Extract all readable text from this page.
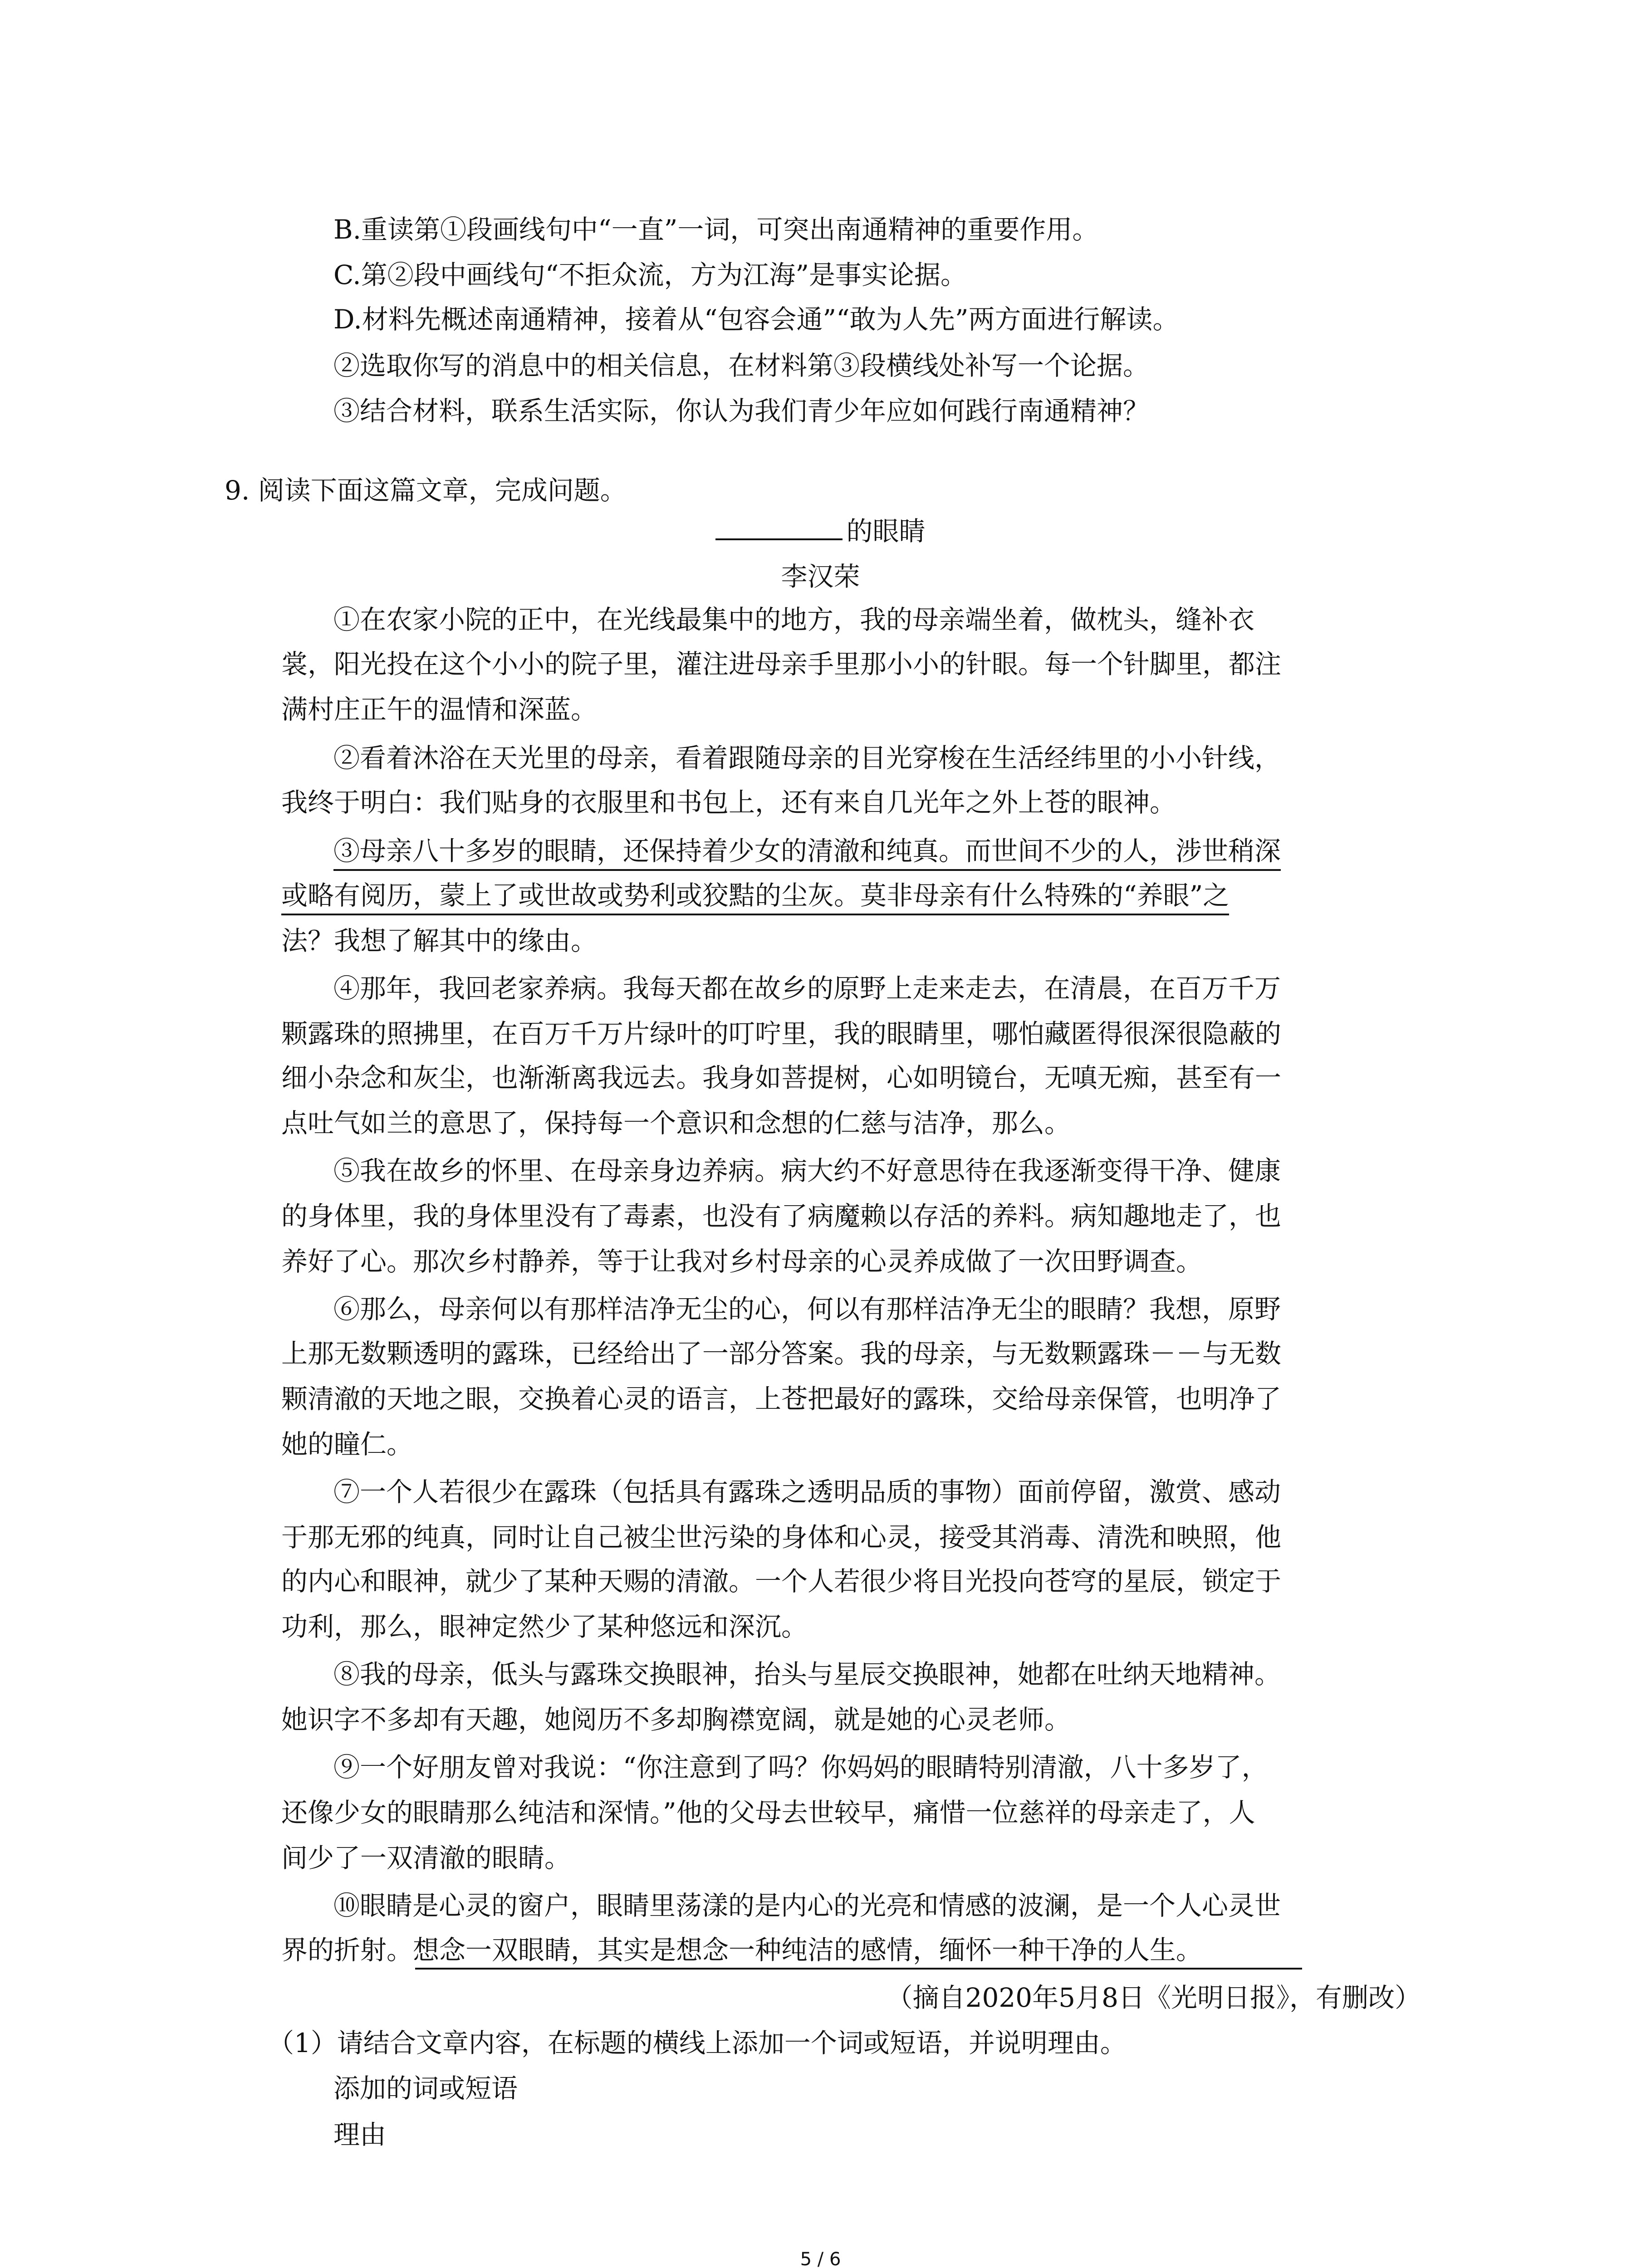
B.重读第①段画线句中“一直”一词，可突出南通精神的重要作用。
C.第②段中画线句“不拒众流，方为江海”是事实论据。
D.材料先概述南通精神，接着从“包容会通”“敢为人先”两方面进行解读。
②选取你写的消息中的相关信息，在材料第③段横线处补写一个论据。
③结合材料，联系生活实际，你认为我们青少年应如何践行南通精神？
9. 阅读下面这篇文章，完成问题。
的眼睛
李汉荣
①在农家小院的正中，在光线最集中的地方，我的母亲端坐着，做枕头，缝补衣
裳，阳光投在这个小小的院子里，灌注进母亲手里那小小的针眼。每一个针脚里，都注
满村庄正午的温情和深蓝。
②看着沐浴在天光里的母亲，看着跟随母亲的目光穿梭在生活经纬里的小小针线，
我终于明白：我们贴身的衣服里和书包上，还有来自几光年之外上苍的眼神。
③母亲八十多岁的眼睛，还保持着少女的清澈和纯真。而世间不少的人，涉世稍深
或略有阅历，蒙上了或世故或势利或狡黠的尘灰。莫非母亲有什么特殊的“养眼”之
法？我想了解其中的缘由。
④那年，我回老家养病。我每天都在故乡的原野上走来走去，在清晨，在百万千万
颗露珠的照拂里，在百万千万片绿叶的叮咛里，我的眼睛里，哪怕藏匿得很深很隐蔽的
细小杂念和灰尘，也渐渐离我远去。我身如菩提树，心如明镜台，无嗔无痴，甚至有一
点吐气如兰的意思了，保持每一个意识和念想的仁慈与洁净，那么。
⑤我在故乡的怀里、在母亲身边养病。病大约不好意思待在我逐渐变得干净、健康
的身体里，我的身体里没有了毒素，也没有了病魔赖以存活的养料。病知趣地走了，也
养好了心。那次乡村静养，等于让我对乡村母亲的心灵养成做了一次田野调查。
⑥那么，母亲何以有那样洁净无尘的心，何以有那样洁净无尘的眼睛？我想，原野
上那无数颗透明的露珠，已经给出了一部分答案。我的母亲，与无数颗露珠－－与无数
颗清澈的天地之眼，交换着心灵的语言，上苍把最好的露珠，交给母亲保管，也明净了
她的瞳仁。
⑦一个人若很少在露珠（包括具有露珠之透明品质的事物）面前停留，激赏、感动
于那无邪的纯真，同时让自己被尘世污染的身体和心灵，接受其消毒、清洗和映照，他
的内心和眼神，就少了某种天赐的清澈。一个人若很少将目光投向苍穹的星辰，锁定于
功利，那么，眼神定然少了某种悠远和深沉。
⑧我的母亲，低头与露珠交换眼神，抬头与星辰交换眼神，她都在吐纳天地精神。
她识字不多却有天趣，她阅历不多却胸襟宽阔，就是她的心灵老师。
⑨一个好朋友曾对我说：“你注意到了吗？你妈妈的眼睛特别清澈，八十多岁了，
还像少女的眼睛那么纯洁和深情。”他的父母去世较早，痛惜一位慈祥的母亲走了，人
间少了一双清澈的眼睛。
⑩眼睛是心灵的窗户，眼睛里荡漾的是内心的光亮和情感的波澜，是一个人心灵世
界的折射。想念一双眼睛，其实是想念一种纯洁的感情，缅怀一种干净的人生。
（摘自2020年5月8日《光明日报》，有删改）
（1）请结合文章内容，在标题的横线上添加一个词或短语，并说明理由。
添加的词或短语
理由
5 / 6
